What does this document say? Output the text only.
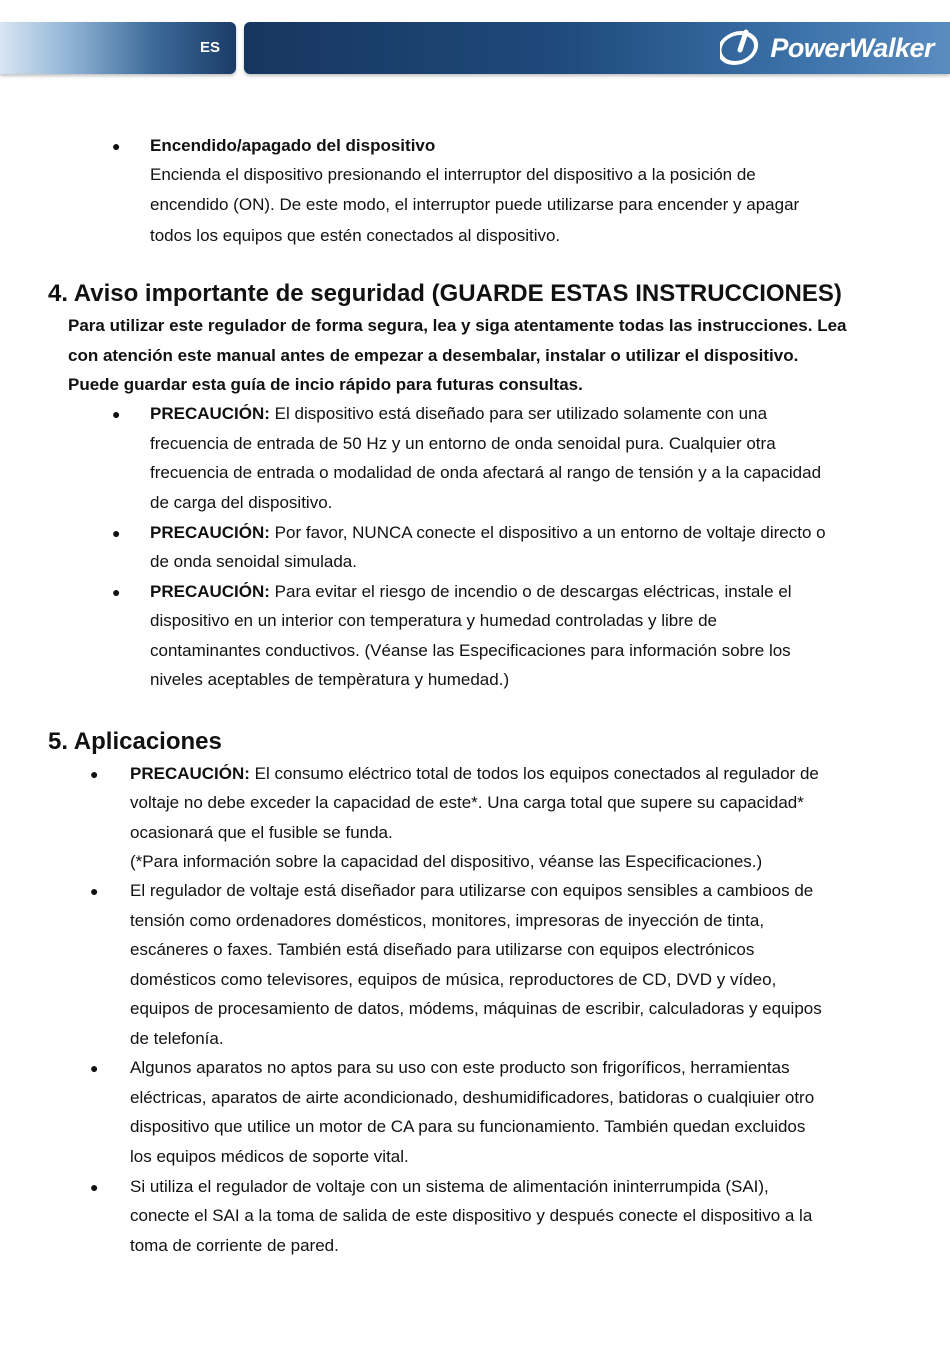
ES	PowerWalker
● Encendido/apagado del dispositivo
Encienda el dispositivo presionando el interruptor del dispositivo a la posición de
encendido (ON). De este modo, el interruptor puede utilizarse para encender y apagar
todos los equipos que estén conectados al dispositivo.
4. Aviso importante de seguridad (GUARDE ESTAS INSTRUCCIONES)
Para utilizar este regulador de forma segura, lea y siga atentamente todas las instrucciones. Lea
con atención este manual antes de empezar a desembalar, instalar o utilizar el dispositivo.
Puede guardar esta guía de incio rápido para futuras consultas.
● PRECAUCIÓN: El dispositivo está diseñado para ser utilizado solamente con una
frecuencia de entrada de 50 Hz y un entorno de onda senoidal pura. Cualquier otra
frecuencia de entrada o modalidad de onda afectará al rango de tensión y a la capacidad
de carga del dispositivo.
● PRECAUCIÓN: Por favor, NUNCA conecte el dispositivo a un entorno de voltaje directo o
de onda senoidal simulada.
● PRECAUCIÓN: Para evitar el riesgo de incendio o de descargas eléctricas, instale el
dispositivo en un interior con temperatura y humedad controladas y libre de
contaminantes conductivos. (Véanse las Especificaciones para información sobre los
niveles aceptables de tempèratura y humedad.)
5. Aplicaciones
● PRECAUCIÓN: El consumo eléctrico total de todos los equipos conectados al regulador de
voltaje no debe exceder la capacidad de este*. Una carga total que supere su capacidad*
ocasionará que el fusible se funda.
(*Para información sobre la capacidad del dispositivo, véanse las Especificaciones.)
● El regulador de voltaje está diseñador para utilizarse con equipos sensibles a cambioos de
tensión como ordenadores domésticos, monitores, impresoras de inyección de tinta,
escáneres o faxes. También está diseñado para utilizarse con equipos electrónicos
domésticos como televisores, equipos de música, reproductores de CD, DVD y vídeo,
equipos de procesamiento de datos, módems, máquinas de escribir, calculadoras y equipos
de telefonía.
● Algunos aparatos no aptos para su uso con este producto son frigoríficos, herramientas
eléctricas, aparatos de airte acondicionado, deshumidificadores, batidoras o cualqiuier otro
dispositivo que utilice un motor de CA para su funcionamiento. También quedan excluidos
los equipos médicos de soporte vital.
● Si utiliza el regulador de voltaje con un sistema de alimentación ininterrumpida (SAI),
conecte el SAI a la toma de salida de este dispositivo y después conecte el dispositivo a la
toma de corriente de pared.
